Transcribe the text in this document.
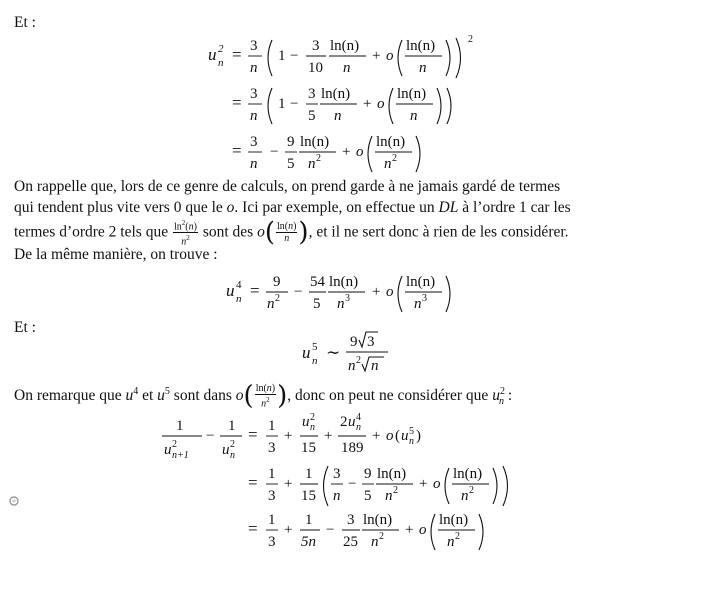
Et :
u 2
n = 3
n
1 −
3
10
ln(n)
n
+ o
ln(n)
n
2
= 3
n
1 −
3
5
ln(n)
n
+ o
ln(n)
n
= 3
n
−
9
5
ln(n)
n 2 + o
ln(n)
n 2
On rappelle que, lors de ce genre de calculs, on prend garde à ne jamais gardé de termes
qui tendent plus vite vers 0 que le o. Ici par exemple, on effectue un DL à l’ordre 1 car les
termes d’ordre 2 tels que $\frac{\ln^2(n)}{n^2}$ sont des $o( \frac{\ln(n)}{n}$ ), et il ne sert donc à rien de les considérer.
De la même manière, on trouve :
u 4
n = 9
n 2 −
54
5
ln(n)
n 3 + o
ln(n)
n 3
Et :
u 5
n ∼
9 3
n 2 n
On remarque que $u^4$ et $u^5$ sont dans $o( \frac{\ln(n)}{n^2}$ ), donc on peut ne considérer que $u^2_n$ :
1
u 2
n+1
−
1
u 2
n
= 1
3
+
u 2
n
15
+
2 u 4
n
189
+ o ( u 5
n )
= 1
3
+
1
15
3
n
−
9
5
ln(n)
n 2 + o
ln(n)
n 2
= 1
3
+
1
5n
−
3
25
ln(n)
n 2 + o
ln(n)
n 2
